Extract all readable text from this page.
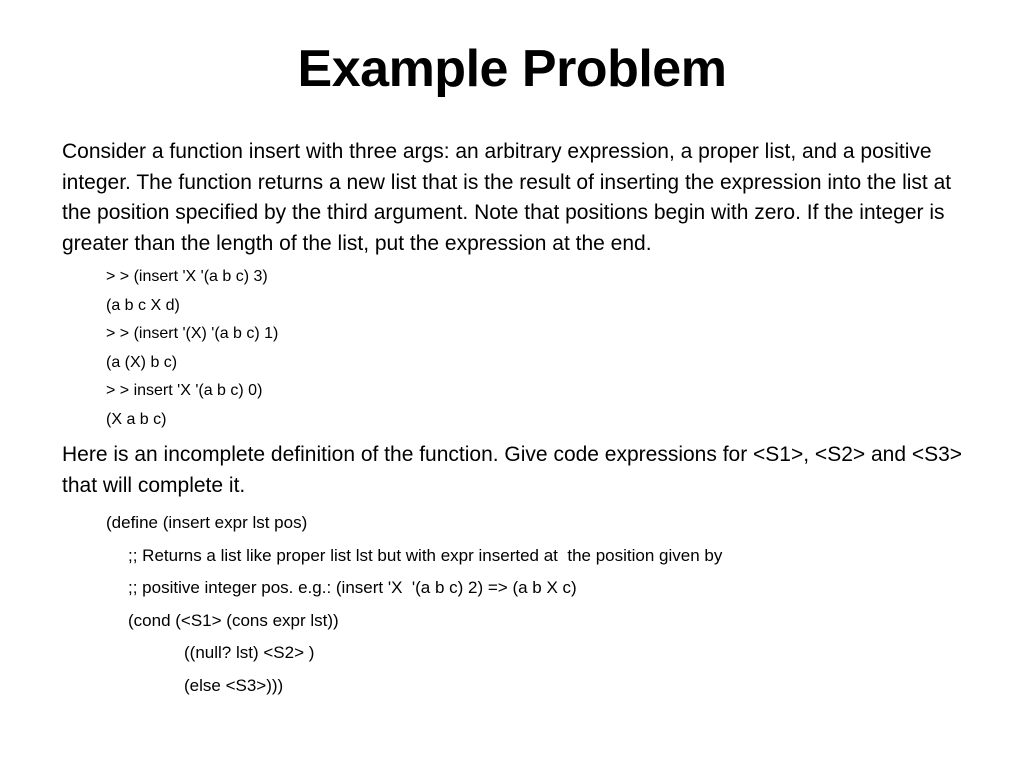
Example Problem

Consider a function insert with three args: an arbitrary expression, a proper list, and a positive integer. The function returns a new list that is the result of inserting the expression into the list at the position specified by the third argument. Note that positions begin with zero. If the integer is greater than the length of the list, put the expression at the end.

> > (insert 'X '(a b c) 3)
(a b c X d)
> > (insert '(X) '(a b c) 1)
(a (X) b c)
> > insert 'X '(a b c) 0)
(X a b c)

Here is an incomplete definition of the function. Give code expressions for <S1>, <S2> and <S3> that will complete it.

(define (insert expr lst pos)
;; Returns a list like proper list lst but with expr inserted at  the position given by
;; positive integer pos. e.g.: (insert 'X  '(a b c) 2) => (a b X c)
(cond (<S1> (cons expr lst))
((null? lst) <S2> )
(else <S3>)))
